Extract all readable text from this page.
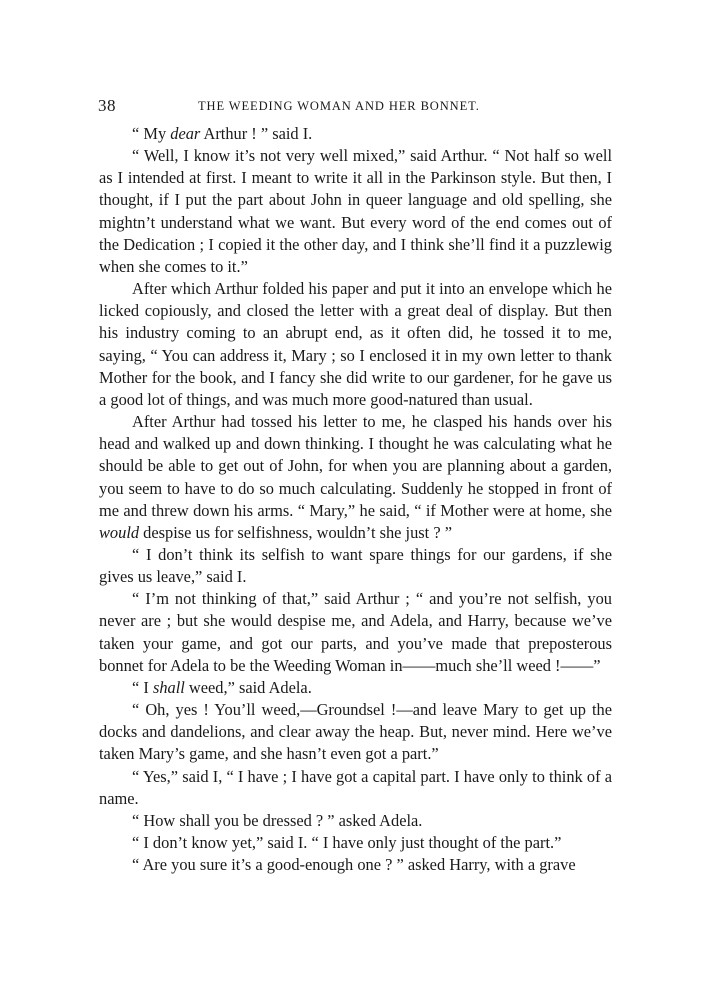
38	THE WEEDING WOMAN AND HER BONNET.

“ My dear Arthur ! ” said I.

“ Well, I know it’s not very well mixed,” said Arthur. “ Not half so well as I intended at first. I meant to write it all in the Parkinson style. But then, I thought, if I put the part about John in queer language and old spelling, she mightn’t understand what we want. But every word of the end comes out of the Dedication ; I copied it the other day, and I think she’ll find it a puzzlewig when she comes to it.”

After which Arthur folded his paper and put it into an envelope which he licked copiously, and closed the letter with a great deal of display. But then his industry coming to an abrupt end, as it often did, he tossed it to me, saying, “ You can address it, Mary ; so I enclosed it in my own letter to thank Mother for the book, and I fancy she did write to our gardener, for he gave us a good lot of things, and was much more good-natured than usual.

After Arthur had tossed his letter to me, he clasped his hands over his head and walked up and down thinking. I thought he was calculating what he should be able to get out of John, for when you are planning about a garden, you seem to have to do so much calculating. Suddenly he stopped in front of me and threw down his arms. “ Mary,” he said, “ if Mother were at home, she would despise us for selfishness, wouldn’t she just ? ”

“ I don’t think its selfish to want spare things for our gardens, if she gives us leave,” said I.

“ I’m not thinking of that,” said Arthur ; “ and you’re not selfish, you never are ; but she would despise me, and Adela, and Harry, because we’ve taken your game, and got our parts, and you’ve made that preposterous bonnet for Adela to be the Weeding Woman in——much she’ll weed !——”

“ I shall weed,” said Adela.

“ Oh, yes ! You’ll weed,—Groundsel !—and leave Mary to get up the docks and dandelions, and clear away the heap. But, never mind. Here we’ve taken Mary’s game, and she hasn’t even got a part.”

“ Yes,” said I, “ I have ; I have got a capital part. I have only to think of a name.

“ How shall you be dressed ? ” asked Adela.

“ I don’t know yet,” said I. “ I have only just thought of the part.”

“ Are you sure it’s a good-enough one ? ” asked Harry, with a grave
